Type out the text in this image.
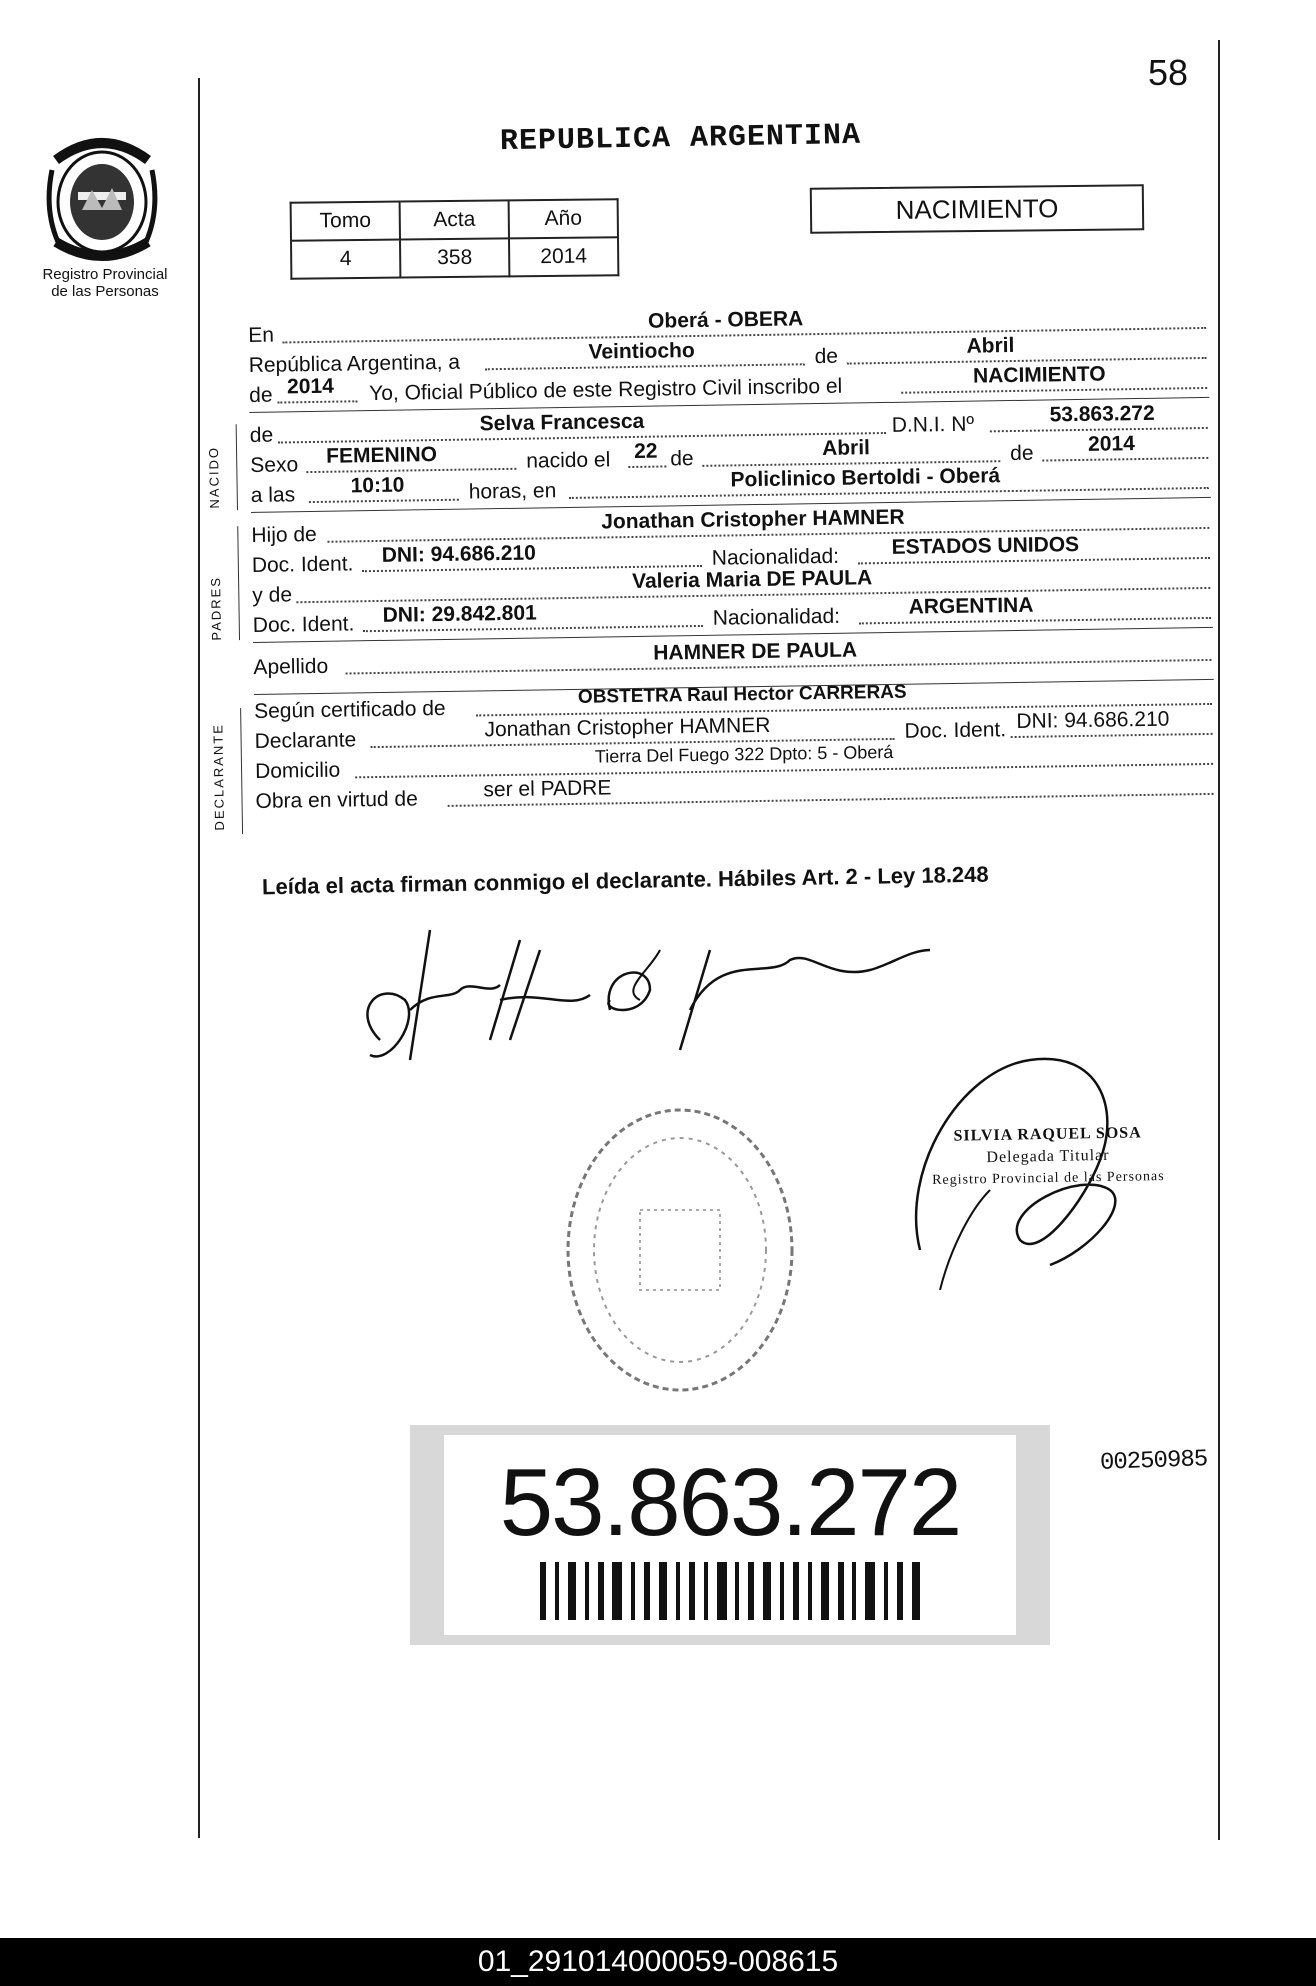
58
Registro Provincial
de las Personas
REPUBLICA ARGENTINA
Tomo	Acta	Año
4	358	2014
NACIMIENTO
En
Oberá - OBERA
República Argentina, a	Veintiocho	de	Abril
de 2014 Yo, Oficial Público de este Registro Civil inscribo el	NACIMIENTO
de	Selva Francesca	D.N.I. Nº	53.863.272
Sexo FEMENINO	nacido el 22 de	Abril	de	2014
a las	10:10	horas, en	Policlinico Bertoldi - Oberá
Hijo de
Jonathan Cristopher HAMNER
Doc. Ident. DNI: 94.686.210	Nacionalidad: ESTADOS UNIDOS
y de
Valeria Maria DE PAULA
Doc. Ident. DNI: 29.842.801	Nacionalidad:	ARGENTINA
Apellido
HAMNER DE PAULA
Según certificado de
OBSTETRA Raul Hector CARRERAS
Declarante	Jonathan Cristopher HAMNER	Doc. Ident. DNI: 94.686.210
Domicilio
Tierra Del Fuego 322 Dpto: 5 - Oberá
Obra en virtud de	ser el PADRE
NACIDO
PADRES
DECLARANTE
Leída el acta firman conmigo el declarante. Hábiles Art. 2 - Ley 18.248
SILVIA RAQUEL SOSA
Delegada Titular
Registro Provincial de las Personas
53.863.272	00250985
01_291014000059-008615
